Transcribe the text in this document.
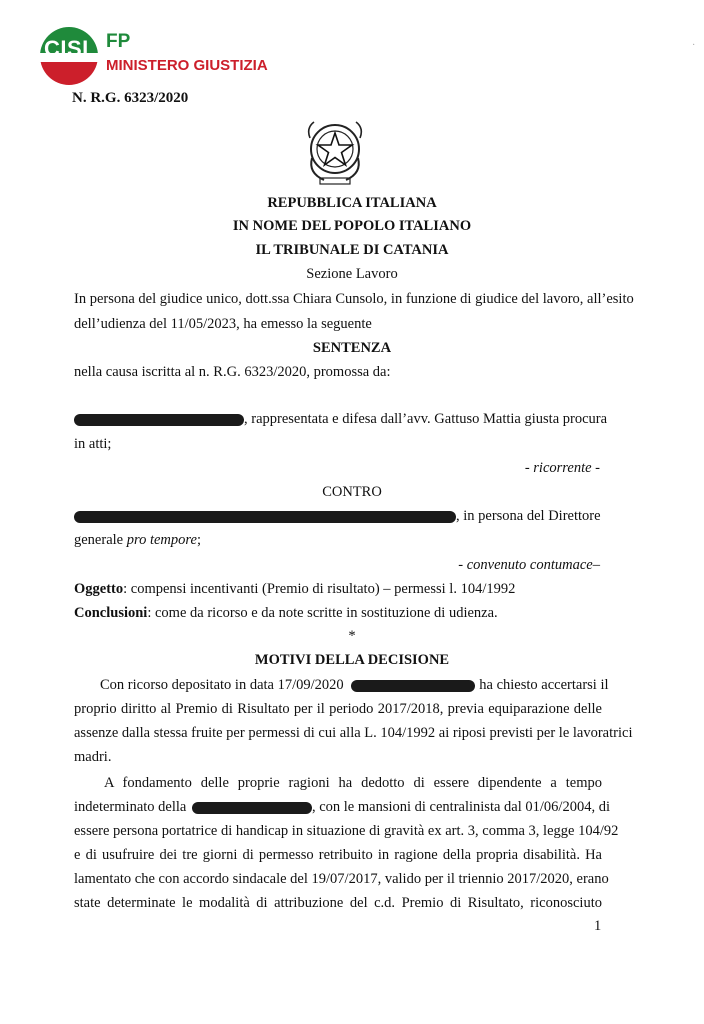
CISL FP
MINISTERO GIUSTIZIA
N. R.G. 6323/2020
REPUBBLICA ITALIANA
IN NOME DEL POPOLO ITALIANO
IL TRIBUNALE DI CATANIA
Sezione Lavoro
In persona del giudice unico, dott.ssa Chiara Cunsolo, in funzione di giudice del lavoro, all’esito
dell’udienza del 11/05/2023, ha emesso la seguente
SENTENZA
nella causa iscritta al n. R.G. 6323/2020, promossa da:
, rappresentata e difesa dall’avv. Gattuso Mattia giusta procura
in atti;
- ricorrente -
CONTRO
, in persona del Direttore
generale pro tempore;
- convenuto contumace–
Oggetto: compensi incentivanti (Premio di risultato) – permessi l. 104/1992
Conclusioni: come da ricorso e da note scritte in sostituzione di udienza.
*
MOTIVI DELLA DECISIONE
Con ricorso depositato in data 17/09/2020	ha chiesto accertarsi il
proprio diritto al Premio di Risultato per il periodo 2017/2018, previa equiparazione delle
assenze dalla stessa fruite per permessi di cui alla L. 104/1992 ai riposi previsti per le lavoratrici
madri.
A fondamento delle proprie ragioni ha dedotto di essere dipendente a tempo
indeterminato della	, con le mansioni di centralinista dal 01/06/2004, di
essere persona portatrice di handicap in situazione di gravità ex art. 3, comma 3, legge 104/92
e di usufruire dei tre giorni di permesso retribuito in ragione della propria disabilità. Ha
lamentato che con accordo sindacale del 19/07/2017, valido per il triennio 2017/2020, erano
state determinate le modalità di attribuzione del c.d. Premio di Risultato, riconosciuto
1
·
